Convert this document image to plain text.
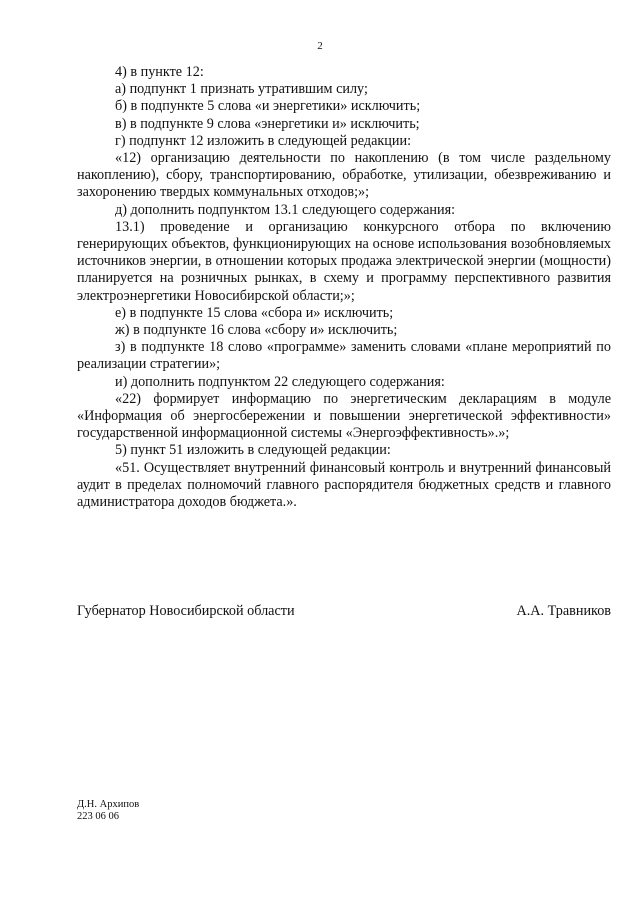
2

4) в пункте 12:

а) подпункт 1 признать утратившим силу;

б) в подпункте 5 слова «и энергетики» исключить;

в) в подпункте 9 слова «энергетики и» исключить;

г) подпункт 12 изложить в следующей редакции:

«12) организацию деятельности по накоплению (в том числе раздельному накоплению), сбору, транспортированию, обработке, утилизации, обезвреживанию и захоронению твердых коммунальных отходов;»;

д) дополнить подпунктом 13.1 следующего содержания:

13.1) проведение и организацию конкурсного отбора по включению генерирующих объектов, функционирующих на основе использования возобновляемых источников энергии, в отношении которых продажа электрической энергии (мощности) планируется на розничных рынках, в схему и программу перспективного развития электроэнергетики Новосибирской области;»;

е) в подпункте 15 слова «сбора и» исключить;

ж) в подпункте 16 слова «сбору и» исключить;

з) в подпункте 18 слово «программе» заменить словами «плане мероприятий по реализации стратегии»;

и) дополнить подпунктом 22 следующего содержания:

«22) формирует информацию по энергетическим декларациям в модуле «Информация об энергосбережении и повышении энергетической эффективности» государственной информационной системы «Энергоэффективность».»;

5) пункт 51 изложить в следующей редакции:

«51. Осуществляет внутренний финансовый контроль и внутренний финансовый аудит в пределах полномочий главного распорядителя бюджетных средств и главного администратора доходов бюджета.».

Губернатор Новосибирской области	А.А. Травников
Д.Н. Архипов
223 06 06
